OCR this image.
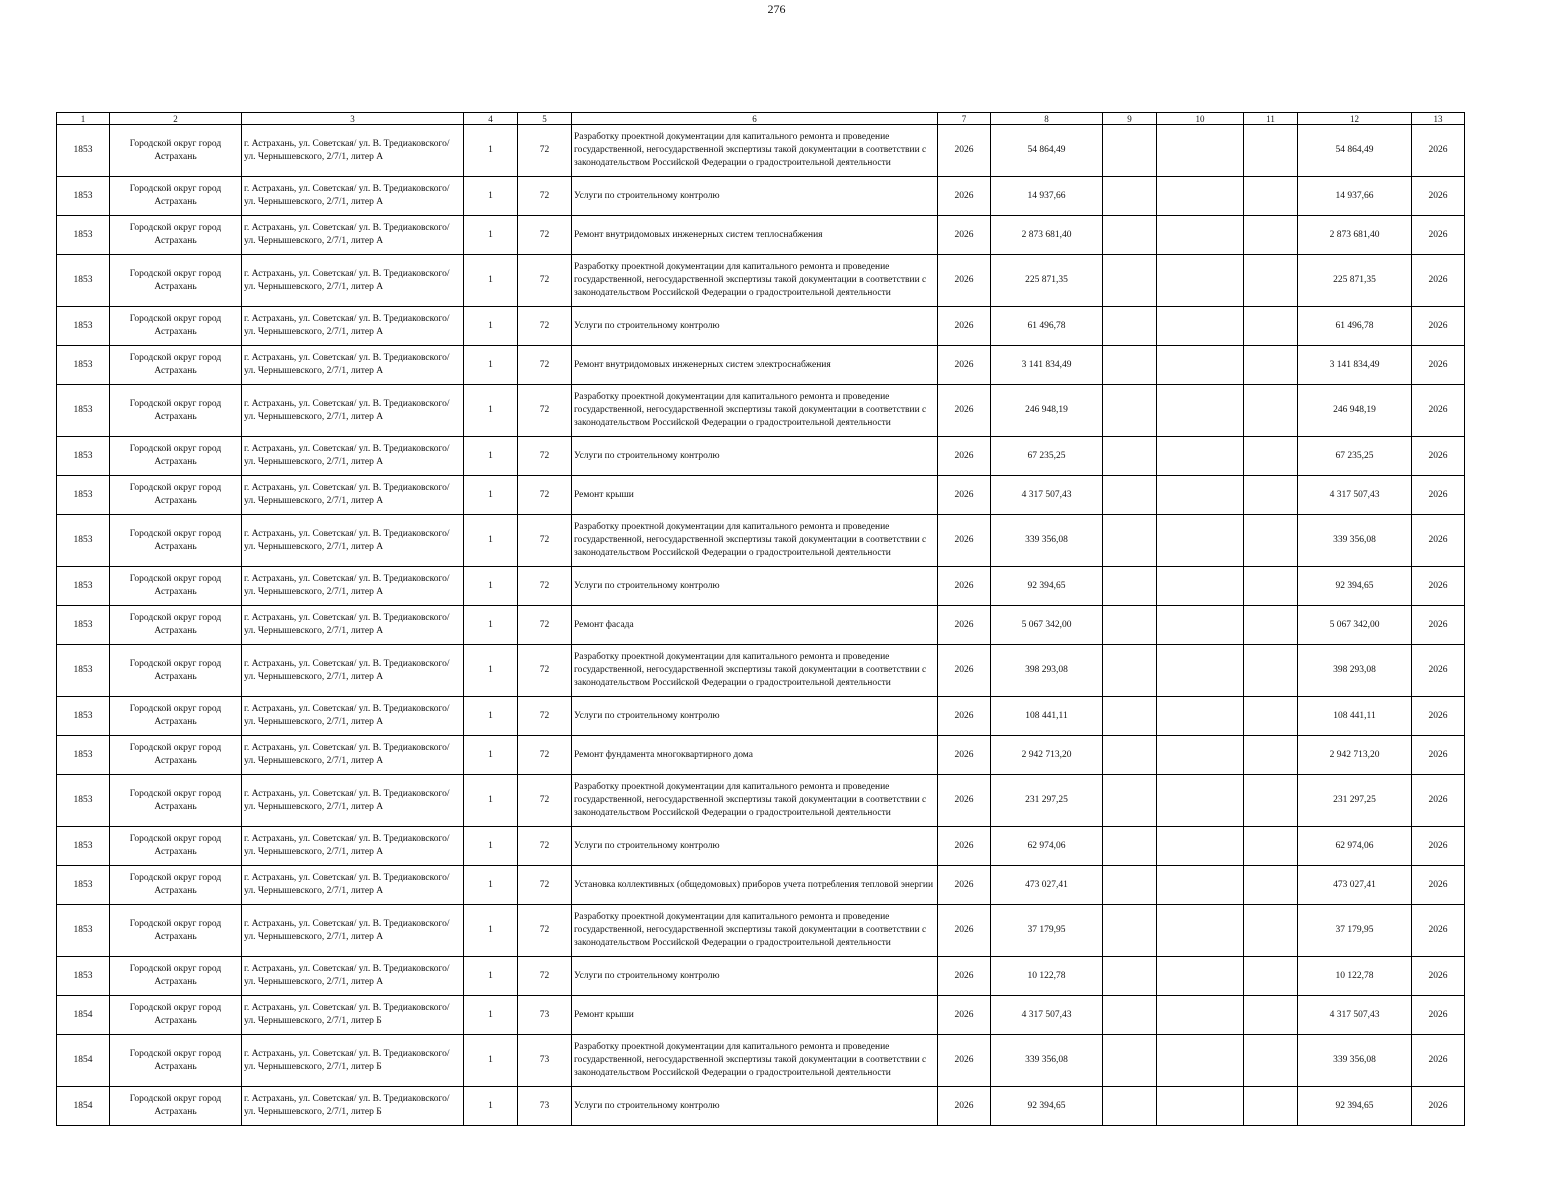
276
1	2	3	4	5	6	7	8	9	10	11	12	13
1853	Городской округ город Астрахань	г. Астрахань, ул. Советская/ ул. В. Тредиаковского/ ул. Чернышевского, 2/7/1, литер А	1	72	Разработку проектной документации для капитального ремонта и проведение государственной, негосударственной экспертизы такой документации в соответствии с законодательством Российской Федерации о градостроительной деятельности	2026	54 864,49				54 864,49	2026
1853	Городской округ город Астрахань	г. Астрахань, ул. Советская/ ул. В. Тредиаковского/ ул. Чернышевского, 2/7/1, литер А	1	72	Услуги по строительному контролю	2026	14 937,66				14 937,66	2026
1853	Городской округ город Астрахань	г. Астрахань, ул. Советская/ ул. В. Тредиаковского/ ул. Чернышевского, 2/7/1, литер А	1	72	Ремонт внутридомовых инженерных систем теплоснабжения	2026	2 873 681,40				2 873 681,40	2026
1853	Городской округ город Астрахань	г. Астрахань, ул. Советская/ ул. В. Тредиаковского/ ул. Чернышевского, 2/7/1, литер А	1	72	Разработку проектной документации для капитального ремонта и проведение государственной, негосударственной экспертизы такой документации в соответствии с законодательством Российской Федерации о градостроительной деятельности	2026	225 871,35				225 871,35	2026
1853	Городской округ город Астрахань	г. Астрахань, ул. Советская/ ул. В. Тредиаковского/ ул. Чернышевского, 2/7/1, литер А	1	72	Услуги по строительному контролю	2026	61 496,78				61 496,78	2026
1853	Городской округ город Астрахань	г. Астрахань, ул. Советская/ ул. В. Тредиаковского/ ул. Чернышевского, 2/7/1, литер А	1	72	Ремонт внутридомовых инженерных систем электроснабжения	2026	3 141 834,49				3 141 834,49	2026
1853	Городской округ город Астрахань	г. Астрахань, ул. Советская/ ул. В. Тредиаковского/ ул. Чернышевского, 2/7/1, литер А	1	72	Разработку проектной документации для капитального ремонта и проведение государственной, негосударственной экспертизы такой документации в соответствии с законодательством Российской Федерации о градостроительной деятельности	2026	246 948,19				246 948,19	2026
1853	Городской округ город Астрахань	г. Астрахань, ул. Советская/ ул. В. Тредиаковского/ ул. Чернышевского, 2/7/1, литер А	1	72	Услуги по строительному контролю	2026	67 235,25				67 235,25	2026
1853	Городской округ город Астрахань	г. Астрахань, ул. Советская/ ул. В. Тредиаковского/ ул. Чернышевского, 2/7/1, литер А	1	72	Ремонт крыши	2026	4 317 507,43				4 317 507,43	2026
1853	Городской округ город Астрахань	г. Астрахань, ул. Советская/ ул. В. Тредиаковского/ ул. Чернышевского, 2/7/1, литер А	1	72	Разработку проектной документации для капитального ремонта и проведение государственной, негосударственной экспертизы такой документации в соответствии с законодательством Российской Федерации о градостроительной деятельности	2026	339 356,08				339 356,08	2026
1853	Городской округ город Астрахань	г. Астрахань, ул. Советская/ ул. В. Тредиаковского/ ул. Чернышевского, 2/7/1, литер А	1	72	Услуги по строительному контролю	2026	92 394,65				92 394,65	2026
1853	Городской округ город Астрахань	г. Астрахань, ул. Советская/ ул. В. Тредиаковского/ ул. Чернышевского, 2/7/1, литер А	1	72	Ремонт фасада	2026	5 067 342,00				5 067 342,00	2026
1853	Городской округ город Астрахань	г. Астрахань, ул. Советская/ ул. В. Тредиаковского/ ул. Чернышевского, 2/7/1, литер А	1	72	Разработку проектной документации для капитального ремонта и проведение государственной, негосударственной экспертизы такой документации в соответствии с законодательством Российской Федерации о градостроительной деятельности	2026	398 293,08				398 293,08	2026
1853	Городской округ город Астрахань	г. Астрахань, ул. Советская/ ул. В. Тредиаковского/ ул. Чернышевского, 2/7/1, литер А	1	72	Услуги по строительному контролю	2026	108 441,11				108 441,11	2026
1853	Городской округ город Астрахань	г. Астрахань, ул. Советская/ ул. В. Тредиаковского/ ул. Чернышевского, 2/7/1, литер А	1	72	Ремонт фундамента многоквартирного дома	2026	2 942 713,20				2 942 713,20	2026
1853	Городской округ город Астрахань	г. Астрахань, ул. Советская/ ул. В. Тредиаковского/ ул. Чернышевского, 2/7/1, литер А	1	72	Разработку проектной документации для капитального ремонта и проведение государственной, негосударственной экспертизы такой документации в соответствии с законодательством Российской Федерации о градостроительной деятельности	2026	231 297,25				231 297,25	2026
1853	Городской округ город Астрахань	г. Астрахань, ул. Советская/ ул. В. Тредиаковского/ ул. Чернышевского, 2/7/1, литер А	1	72	Услуги по строительному контролю	2026	62 974,06				62 974,06	2026
1853	Городской округ город Астрахань	г. Астрахань, ул. Советская/ ул. В. Тредиаковского/ ул. Чернышевского, 2/7/1, литер А	1	72	Установка коллективных (общедомовых) приборов учета потребления тепловой энергии	2026	473 027,41				473 027,41	2026
1853	Городской округ город Астрахань	г. Астрахань, ул. Советская/ ул. В. Тредиаковского/ ул. Чернышевского, 2/7/1, литер А	1	72	Разработку проектной документации для капитального ремонта и проведение государственной, негосударственной экспертизы такой документации в соответствии с законодательством Российской Федерации о градостроительной деятельности	2026	37 179,95				37 179,95	2026
1853	Городской округ город Астрахань	г. Астрахань, ул. Советская/ ул. В. Тредиаковского/ ул. Чернышевского, 2/7/1, литер А	1	72	Услуги по строительному контролю	2026	10 122,78				10 122,78	2026
1854	Городской округ город Астрахань	г. Астрахань, ул. Советская/ ул. В. Тредиаковского/ ул. Чернышевского, 2/7/1, литер Б	1	73	Ремонт крыши	2026	4 317 507,43				4 317 507,43	2026
1854	Городской округ город Астрахань	г. Астрахань, ул. Советская/ ул. В. Тредиаковского/ ул. Чернышевского, 2/7/1, литер Б	1	73	Разработку проектной документации для капитального ремонта и проведение государственной, негосударственной экспертизы такой документации в соответствии с законодательством Российской Федерации о градостроительной деятельности	2026	339 356,08				339 356,08	2026
1854	Городской округ город Астрахань	г. Астрахань, ул. Советская/ ул. В. Тредиаковского/ ул. Чернышевского, 2/7/1, литер Б	1	73	Услуги по строительному контролю	2026	92 394,65				92 394,65	2026
